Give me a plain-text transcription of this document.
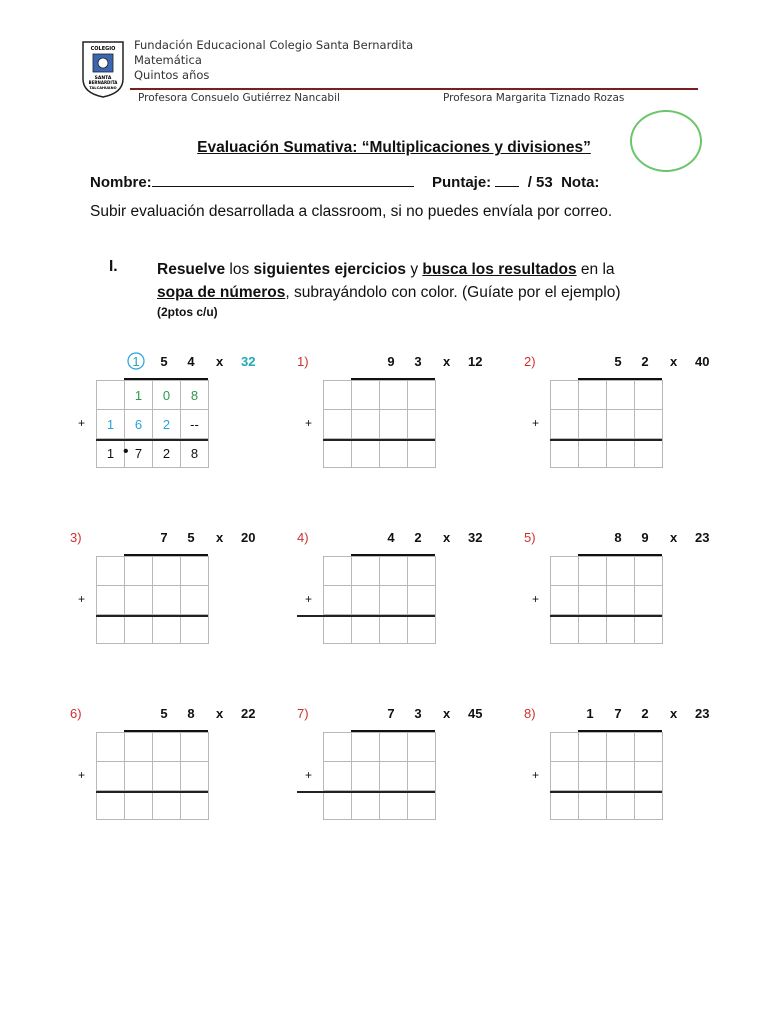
COLEGIO
SANTA
BERNARDITA
TALCAHUANO
Fundación Educacional Colegio Santa Bernardita
Matemática
Quintos años
Profesora Consuelo Gutiérrez Nancabil	Profesora Margarita Tiznado Rozas
Evaluación Sumativa: “Multiplicaciones y divisiones”
Nombre:	Puntaje: / 53 Nota:
Subir evaluación desarrollada a classroom, si no puedes envíala por correo.
I.	Resuelve los siguientes ejercicios y busca los resultados en la
sopa de números, subrayándolo con color. (Guíate por el ejemplo)
(2ptos c/u)
1	5	4	x 32
	1	0	8
1	6	2	--
1	7	2	8
•
+
1)	9	3	x 12

+
2)	5	2	x 40

+
3)	7	5	x 20

+
4)	4	2	x 32

+
5)	8	9	x 23

+
6)	5	8	x 22

+
7)	7	3	x 45

+
8)	1	7	2	x 23

+
